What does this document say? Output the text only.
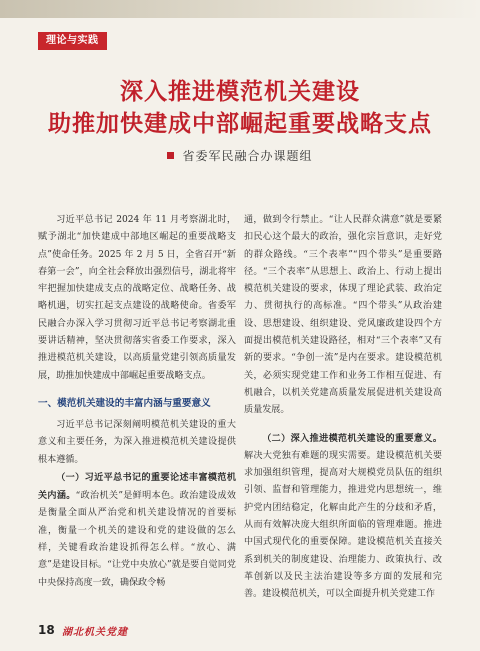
理论与实践
深入推进模范机关建设
助推加快建成中部崛起重要战略支点
省委军民融合办课题组

习近平总书记 2024 年 11 月考察湖北时，赋予湖北“加快建成中部地区崛起的重要战略支点”使命任务。2025 年 2 月 5 日，全省召开“新春第一会”，向全社会释放出强烈信号，湖北将牢牢把握加快建成支点的战略定位、战略任务、战略机遇，切实扛起支点建设的战略使命。省委军民融合办深入学习贯彻习近平总书记考察湖北重要讲话精神，坚决贯彻落实省委工作要求，深入推进模范机关建设，以高质量党建引领高质量发展，助推加快建成中部崛起重要战略支点。

一、模范机关建设的丰富内涵与重要意义

习近平总书记深刻阐明模范机关建设的重大意义和主要任务，为深入推进模范机关建设提供根本遵循。

（一）习近平总书记的重要论述丰富模范机关内涵。“政治机关”是鲜明本色。政治建设成效是衡量全面从严治党和机关建设情况的首要标准，衡量一个机关的建设和党的建设做的怎么样，关键看政治建设抓得怎么样。“放心、满意”是建设目标。“让党中央放心”就是要自觉同党中央保持高度一致，确保政令畅

通，做到令行禁止。“让人民群众满意”就是要紧扣民心这个最大的政治，强化宗旨意识，走好党的群众路线。“三个表率”“四个带头”是重要路径。“三个表率”从思想上、政治上、行动上提出模范机关建设的要求，体现了理论武装、政治定力、贯彻执行的高标准。“四个带头”从政治建设、思想建设、组织建设、党风廉政建设四个方面提出模范机关建设路径，相对“三个表率”又有新的要求。“争创一流”是内在要求。建设模范机关，必须实现党建工作和业务工作相互促进、有机融合，以机关党建高质量发展促进机关建设高质量发展。

（二）深入推进模范机关建设的重要意义。解决大党独有难题的现实需要。建设模范机关要求加强组织管理，提高对大规模党员队伍的组织引领、监督和管理能力，推进党内思想统一，维护党内团结稳定，化解由此产生的分歧和矛盾，从而有效解决庞大组织所面临的管理难题。推进中国式现代化的重要保障。建设模范机关直接关系到机关的制度建设、治理能力、政策执行、改革创新以及民主法治建设等多方面的发展和完善。建设模范机关，可以全面提升机关党建工作

18 湖北机关党建
